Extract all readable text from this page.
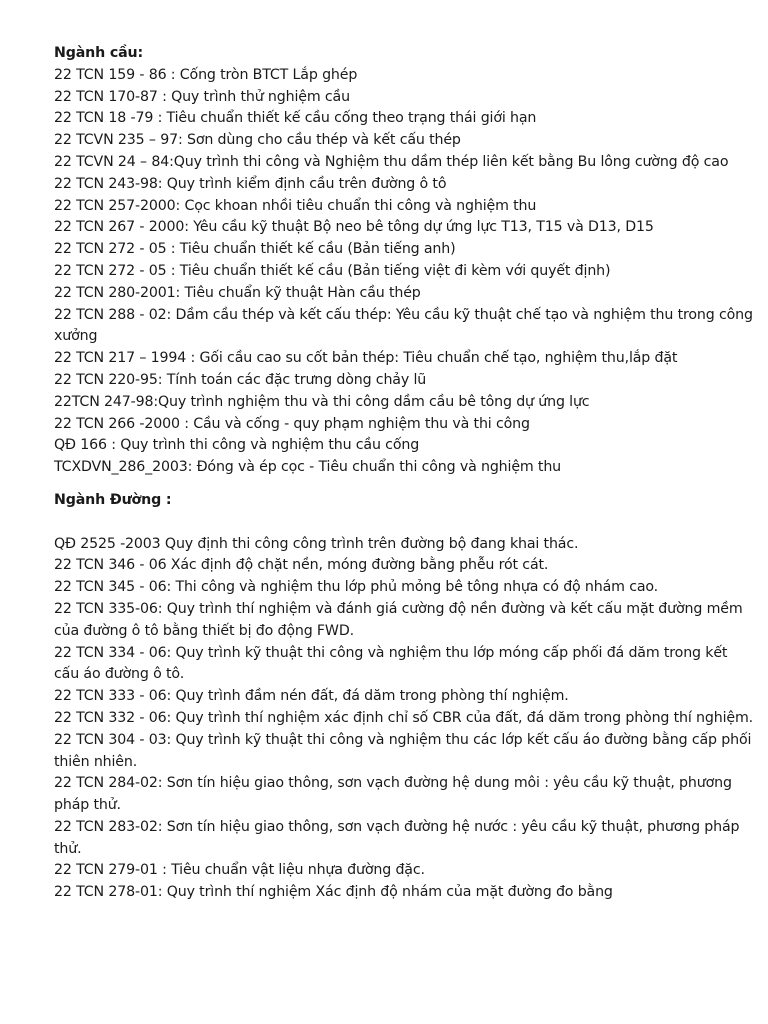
Ngành cầu:

22 TCN 159 - 86 : Cống tròn BTCT Lắp ghép

22 TCN 170-87 : Quy trình thử nghiệm cầu

22 TCN 18 -79 : Tiêu chuẩn thiết kế cầu cống theo trạng thái giới hạn

22 TCVN 235 – 97: Sơn dùng cho cầu thép và kết cấu thép

22 TCVN 24 – 84:Quy trình thi công và Nghiệm thu dầm thép liên kết bằng Bu lông cường độ cao

22 TCN 243-98: Quy trình kiểm định cầu trên đường ô tô

22 TCN 257-2000: Cọc khoan nhồi tiêu chuẩn thi công và nghiệm thu

22 TCN 267 - 2000: Yêu cầu kỹ thuật Bộ neo bê tông dự ứng lực T13, T15 và D13, D15

22 TCN 272 - 05 : Tiêu chuẩn thiết kế cầu (Bản tiếng anh)

22 TCN 272 - 05 : Tiêu chuẩn thiết kế cầu (Bản tiếng việt đi kèm với quyết định)

22 TCN 280-2001: Tiêu chuẩn kỹ thuật Hàn cầu thép

22 TCN 288 - 02: Dầm cầu thép và kết cấu thép: Yêu cầu kỹ thuật chế tạo và nghiệm thu trong công xưởng

22 TCN 217 – 1994 : Gối cầu cao su cốt bản thép: Tiêu chuẩn chế tạo, nghiệm thu,lắp đặt

22 TCN 220-95: Tính toán các đặc trưng dòng chảy lũ

22TCN 247-98:Quy trình nghiệm thu và thi công dầm cầu bê tông dự ứng lực

22 TCN 266 -2000 : Cầu và cống - quy phạm nghiệm thu và thi công

QĐ 166 : Quy trình thi công và nghiệm thu cầu cống

TCXDVN_286_2003: Đóng và ép cọc - Tiêu chuẩn thi công và nghiệm thu

Ngành Đường :

QĐ 2525 -2003 Quy định thi công công trình trên đường bộ đang khai thác.

22 TCN 346 - 06 Xác định độ chặt nền, móng đường bằng phễu rót cát.

22 TCN 345 - 06: Thi công và nghiệm thu lớp phủ mỏng bê tông nhựa có độ nhám cao.

22 TCN 335-06: Quy trình thí nghiệm và đánh giá cường độ nền đường và kết cấu mặt đường mềm của đường ô tô bằng thiết bị đo động FWD.

22 TCN 334 - 06: Quy trình kỹ thuật thi công và nghiệm thu lớp móng cấp phối đá dăm trong kết cấu áo đường ô tô.

22 TCN 333 - 06: Quy trình đầm nén đất, đá dăm trong phòng thí nghiệm.

22 TCN 332 - 06: Quy trình thí nghiệm xác định chỉ số CBR của đất, đá dăm trong phòng thí nghiệm.

22 TCN 304 - 03: Quy trình kỹ thuật thi công và nghiệm thu các lớp kết cấu áo đường bằng cấp phối thiên nhiên.

22 TCN 284-02: Sơn tín hiệu giao thông, sơn vạch đường hệ dung môi : yêu cầu kỹ thuật, phương pháp thử.

22 TCN 283-02: Sơn tín hiệu giao thông, sơn vạch đường hệ nước : yêu cầu kỹ thuật, phương pháp thử.

22 TCN 279-01 : Tiêu chuẩn vật liệu nhựa đường đặc.

22 TCN 278-01: Quy trình thí nghiệm Xác định độ nhám của mặt đường đo bằng
